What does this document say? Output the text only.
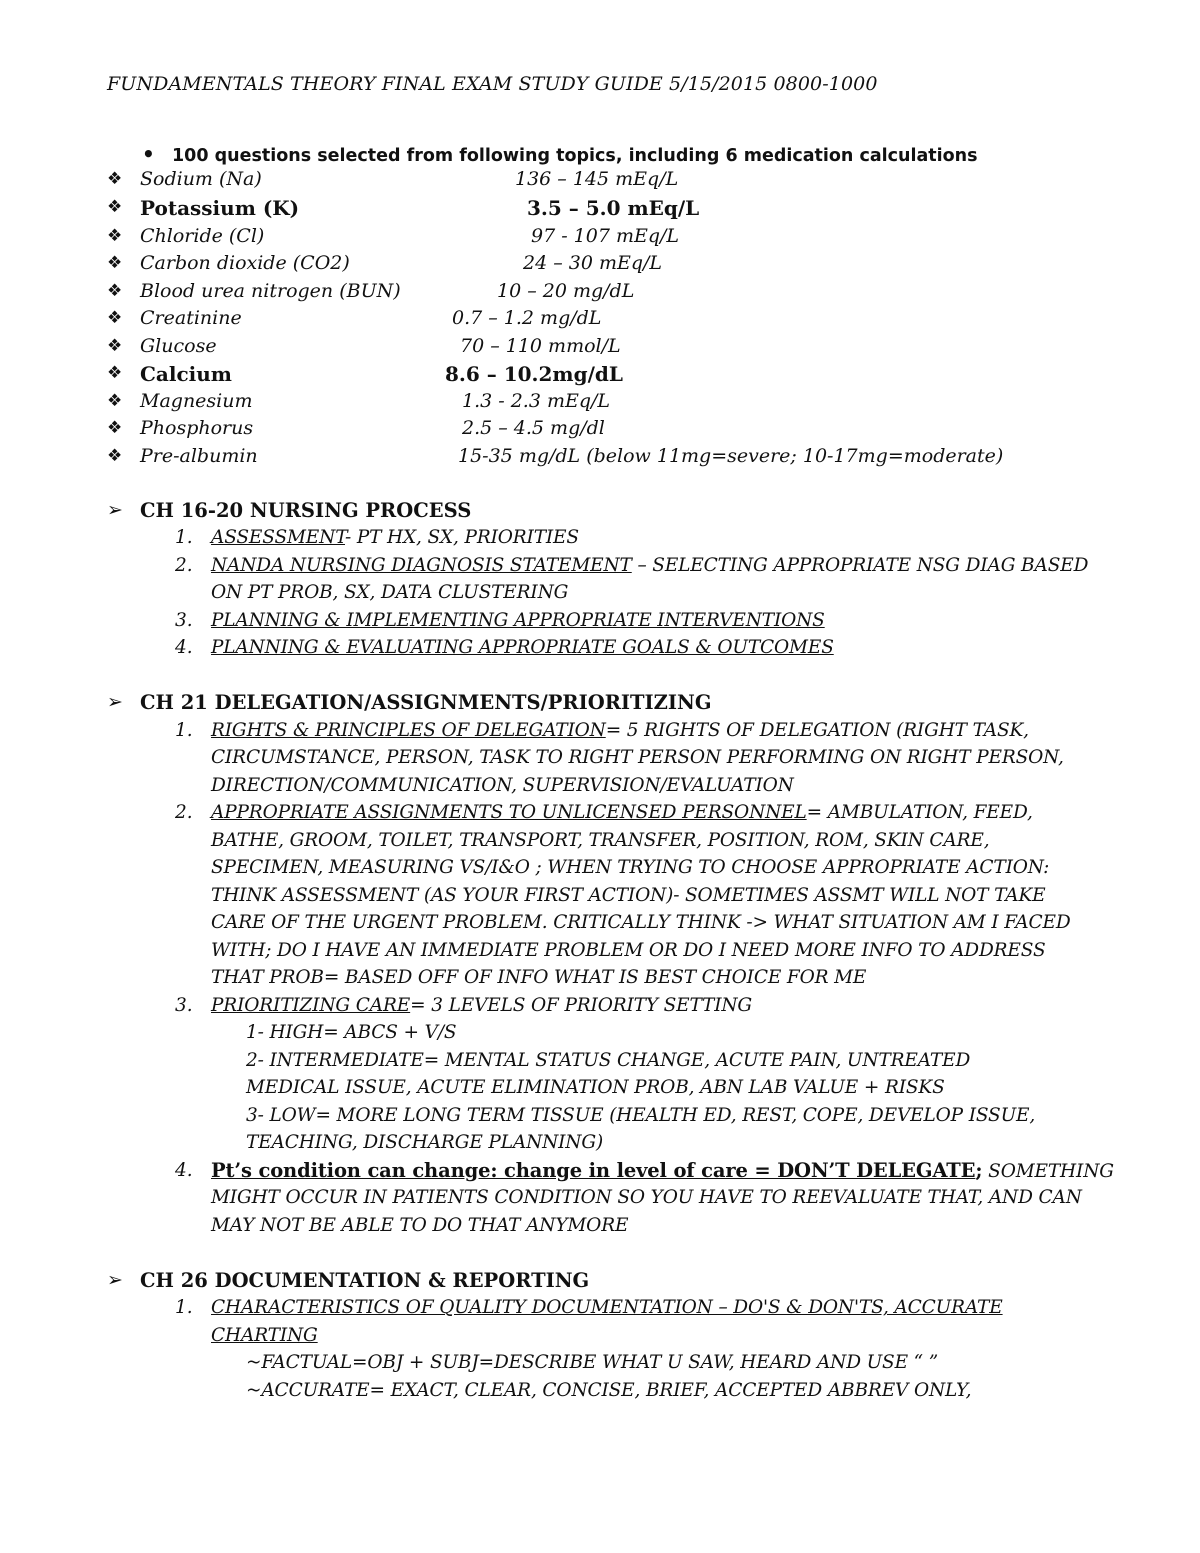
FUNDAMENTALS THEORY FINAL EXAM STUDY GUIDE 5/15/2015 0800-1000
• 100 questions selected from following topics, including 6 medication calculations
❖ Sodium (Na)	136 – 145 mEq/L
❖ Potassium (K)	3.5 – 5.0 mEq/L
❖ Chloride (Cl)	97 - 107 mEq/L
❖ Carbon dioxide (CO2)	24 – 30 mEq/L
❖ Blood urea nitrogen (BUN)	10 – 20 mg/dL
❖ Creatinine	0.7 – 1.2 mg/dL
❖ Glucose	70 – 110 mmol/L
❖ Calcium	8.6 – 10.2mg/dL
❖ Magnesium	1.3 - 2.3 mEq/L
❖ Phosphorus	2.5 – 4.5 mg/dl
❖ Pre-albumin	15-35 mg/dL (below 11mg=severe; 10-17mg=moderate)
➢ CH 16-20 NURSING PROCESS
1. ASSESSMENT- PT HX, SX, PRIORITIES
2. NANDA NURSING DIAGNOSIS STATEMENT – SELECTING APPROPRIATE NSG DIAG BASED
ON PT PROB, SX, DATA CLUSTERING
3. PLANNING & IMPLEMENTING APPROPRIATE INTERVENTIONS
4. PLANNING & EVALUATING APPROPRIATE GOALS & OUTCOMES
➢ CH 21 DELEGATION/ASSIGNMENTS/PRIORITIZING
1. RIGHTS & PRINCIPLES OF DELEGATION= 5 RIGHTS OF DELEGATION (RIGHT TASK,
CIRCUMSTANCE, PERSON, TASK TO RIGHT PERSON PERFORMING ON RIGHT PERSON,
DIRECTION/COMMUNICATION, SUPERVISION/EVALUATION
2. APPROPRIATE ASSIGNMENTS TO UNLICENSED PERSONNEL= AMBULATION, FEED,
BATHE, GROOM, TOILET, TRANSPORT, TRANSFER, POSITION, ROM, SKIN CARE,
SPECIMEN, MEASURING VS/I&O ; WHEN TRYING TO CHOOSE APPROPRIATE ACTION:
THINK ASSESSMENT (AS YOUR FIRST ACTION)- SOMETIMES ASSMT WILL NOT TAKE
CARE OF THE URGENT PROBLEM. CRITICALLY THINK -> WHAT SITUATION AM I FACED
WITH; DO I HAVE AN IMMEDIATE PROBLEM OR DO I NEED MORE INFO TO ADDRESS
THAT PROB= BASED OFF OF INFO WHAT IS BEST CHOICE FOR ME
3. PRIORITIZING CARE= 3 LEVELS OF PRIORITY SETTING
1- HIGH= ABCS + V/S
2- INTERMEDIATE= MENTAL STATUS CHANGE, ACUTE PAIN, UNTREATED
MEDICAL ISSUE, ACUTE ELIMINATION PROB, ABN LAB VALUE + RISKS
3- LOW= MORE LONG TERM TISSUE (HEALTH ED, REST, COPE, DEVELOP ISSUE,
TEACHING, DISCHARGE PLANNING)
4. Pt’s condition can change: change in level of care = DON’T DELEGATE; SOMETHING
MIGHT OCCUR IN PATIENTS CONDITION SO YOU HAVE TO REEVALUATE THAT, AND CAN
MAY NOT BE ABLE TO DO THAT ANYMORE
➢ CH 26 DOCUMENTATION & REPORTING
1. CHARACTERISTICS OF QUALITY DOCUMENTATION – DO'S & DON'TS, ACCURATE
CHARTING
~FACTUAL=OBJ + SUBJ=DESCRIBE WHAT U SAW, HEARD AND USE “ ”
~ACCURATE= EXACT, CLEAR, CONCISE, BRIEF, ACCEPTED ABBREV ONLY,
